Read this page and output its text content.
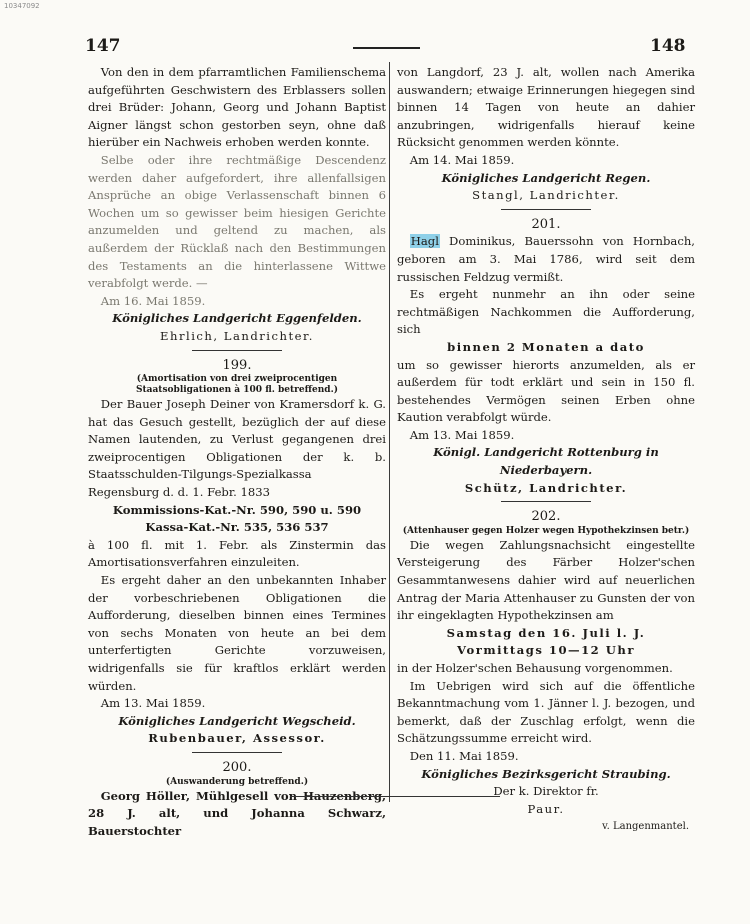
10347092
147	148

Von den in dem pfarramtlichen Familienschema aufgeführten Geschwistern des Erblassers sollen drei Brüder: Johann, Georg und Johann Baptist Aigner längst schon gestorben seyn, ohne daß hierüber ein Nachweis erhoben werden konnte.

Selbe oder ihre rechtmäßige Descendenz werden daher aufgefordert, ihre allenfallsigen Ansprüche an obige Verlassenschaft binnen 6 Wochen um so gewisser beim hiesigen Gerichte anzumelden und geltend zu machen, als außerdem der Rücklaß nach den Bestimmungen des Testaments an die hinterlassene Wittwe verabfolgt werde. —

Am 16. Mai 1859.

Königliches Landgericht Eggenfelden.

Ehrlich, Landrichter.

199.

(Amortisation von drei zweiprocentigen Staatsobligationen à 100 fl. betreffend.)

Der Bauer Joseph Deiner von Kramersdorf k. G. hat das Gesuch gestellt, bezüglich der auf diese Namen lautenden, zu Verlust gegangenen drei zweiprocentigen Obligationen der k. b. Staatsschulden-Tilgungs-Spezialkassa Regensburg d. d. 1. Febr. 1833

Kommissions-Kat.-Nr. 590, 590 u. 590

Kassa-Kat.-Nr. 535, 536 537

à 100 fl. mit 1. Febr. als Zinstermin das Amortisationsverfahren einzuleiten.

Es ergeht daher an den unbekannten Inhaber der vorbeschriebenen Obligationen die Aufforderung, dieselben binnen eines Termines von sechs Monaten von heute an bei dem unterfertigten Gerichte vorzuweisen, widrigenfalls sie für kraftlos erklärt werden würden.

Am 13. Mai 1859.

Königliches Landgericht Wegscheid.

Rubenbauer, Assessor.

200.

(Auswanderung betreffend.)

Georg Höller, Mühlgesell von Hauzenberg, 28 J. alt, und Johanna Schwarz, Bauerstochter

von Langdorf, 23 J. alt, wollen nach Amerika auswandern; etwaige Erinnerungen hiegegen sind binnen 14 Tagen von heute an dahier anzubringen, widrigenfalls hierauf keine Rücksicht genommen werden könnte.

Am 14. Mai 1859.

Königliches Landgericht Regen.

Stangl, Landrichter.

201.

Hagl Dominikus, Bauerssohn von Hornbach, geboren am 3. Mai 1786, wird seit dem russischen Feldzug vermißt.

Es ergeht nunmehr an ihn oder seine rechtmäßigen Nachkommen die Aufforderung, sich

binnen 2 Monaten a dato

um so gewisser hierorts anzumelden, als er außerdem für todt erklärt und sein in 150 fl. bestehendes Vermögen seinen Erben ohne Kaution verabfolgt würde.

Am 13. Mai 1859.

Königl. Landgericht Rottenburg in Niederbayern.

Schütz, Landrichter.

202.

(Attenhauser gegen Holzer wegen Hypothekzinsen betr.)

Die wegen Zahlungsnachsicht eingestellte Versteigerung des Färber Holzer'schen Gesammtanwesens dahier wird auf neuerlichen Antrag der Maria Attenhauser zu Gunsten der von ihr eingeklagten Hypothekzinsen am

Samstag den 16. Juli l. J.

Vormittags 10—12 Uhr

in der Holzer'schen Behausung vorgenommen.

Im Uebrigen wird sich auf die öffentliche Bekanntmachung vom 1. Jänner l. J. bezogen, und bemerkt, daß der Zuschlag erfolgt, wenn die Schätzungssumme erreicht wird.

Den 11. Mai 1859.

Königliches Bezirksgericht Straubing.

Der k. Direktor fr.

Paur.

v. Langenmantel.
